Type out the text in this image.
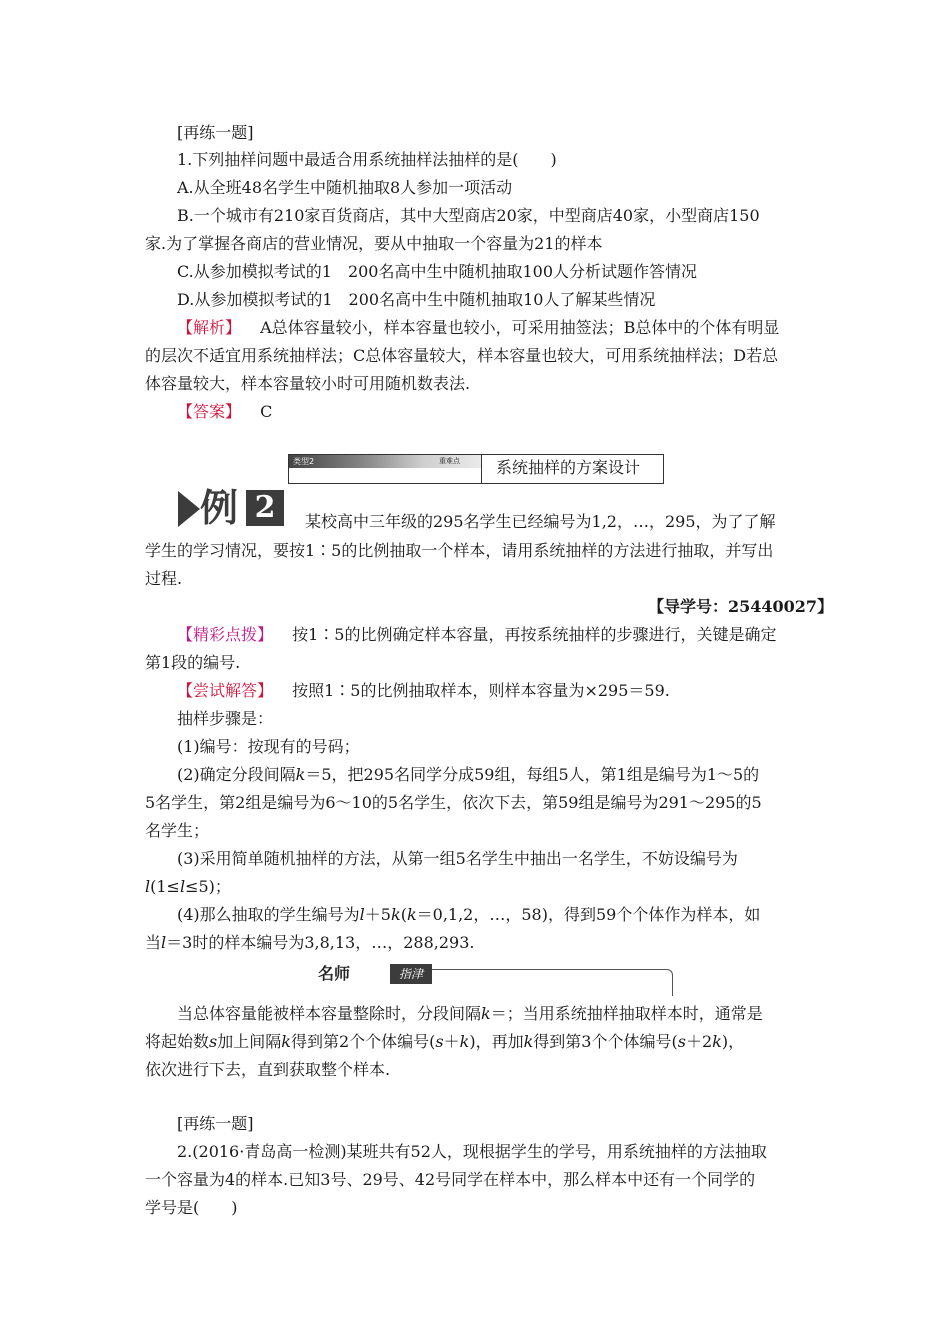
[再练一题]
1.下列抽样问题中最适合用系统抽样法抽样的是(　　)
A.从全班48名学生中随机抽取8人参加一项活动
B.一个城市有210家百货商店，其中大型商店20家，中型商店40家，小型商店150
家.为了掌握各商店的营业情况，要从中抽取一个容量为21的样本
C.从参加模拟考试的1　200名高中生中随机抽取100人分析试题作答情况
D.从参加模拟考试的1　200名高中生中随机抽取10人了解某些情况
【解析】 A总体容量较小，样本容量也较小，可采用抽签法；B总体中的个体有明显
的层次不适宜用系统抽样法；C总体容量较大，样本容量也较大，可用系统抽样法；D若总
体容量较大，样本容量较小时可用随机数表法.
【答案】 C
类型2	重难点 系统抽样的方案设计
例 2	某校高中三年级的295名学生已经编号为1,2，…，295，为了了解
学生的学习情况，要按1∶5的比例抽取一个样本，请用系统抽样的方法进行抽取，并写出
过程.
【导学号：25440027】
【精彩点拨】 按1∶5的比例确定样本容量，再按系统抽样的步骤进行，关键是确定
第1段的编号.
【尝试解答】 按照1∶5的比例抽取样本，则样本容量为×295＝59.
抽样步骤是：
(1)编号：按现有的号码；
(2)确定分段间隔k＝5，把295名同学分成59组，每组5人，第1组是编号为1～5的
5名学生，第2组是编号为6～10的5名学生，依次下去，第59组是编号为291～295的5
名学生；
(3)采用简单随机抽样的方法，从第一组5名学生中抽出一名学生，不妨设编号为
l(1≤l≤5)；
(4)那么抽取的学生编号为l＋5k(k＝0,1,2，…，58)，得到59个个体作为样本，如
当l＝3时的样本编号为3,8,13，…，288,293.
名师	指津
当总体容量能被样本容量整除时，分段间隔k＝；当用系统抽样抽取样本时，通常是
将起始数s加上间隔k得到第2个个体编号(s＋k)，再加k得到第3个个体编号(s＋2k)，
依次进行下去，直到获取整个样本.
[再练一题]
2.(2016·青岛高一检测)某班共有52人，现根据学生的学号，用系统抽样的方法抽取
一个容量为4的样本.已知3号、29号、42号同学在样本中，那么样本中还有一个同学的
学号是(　　)
